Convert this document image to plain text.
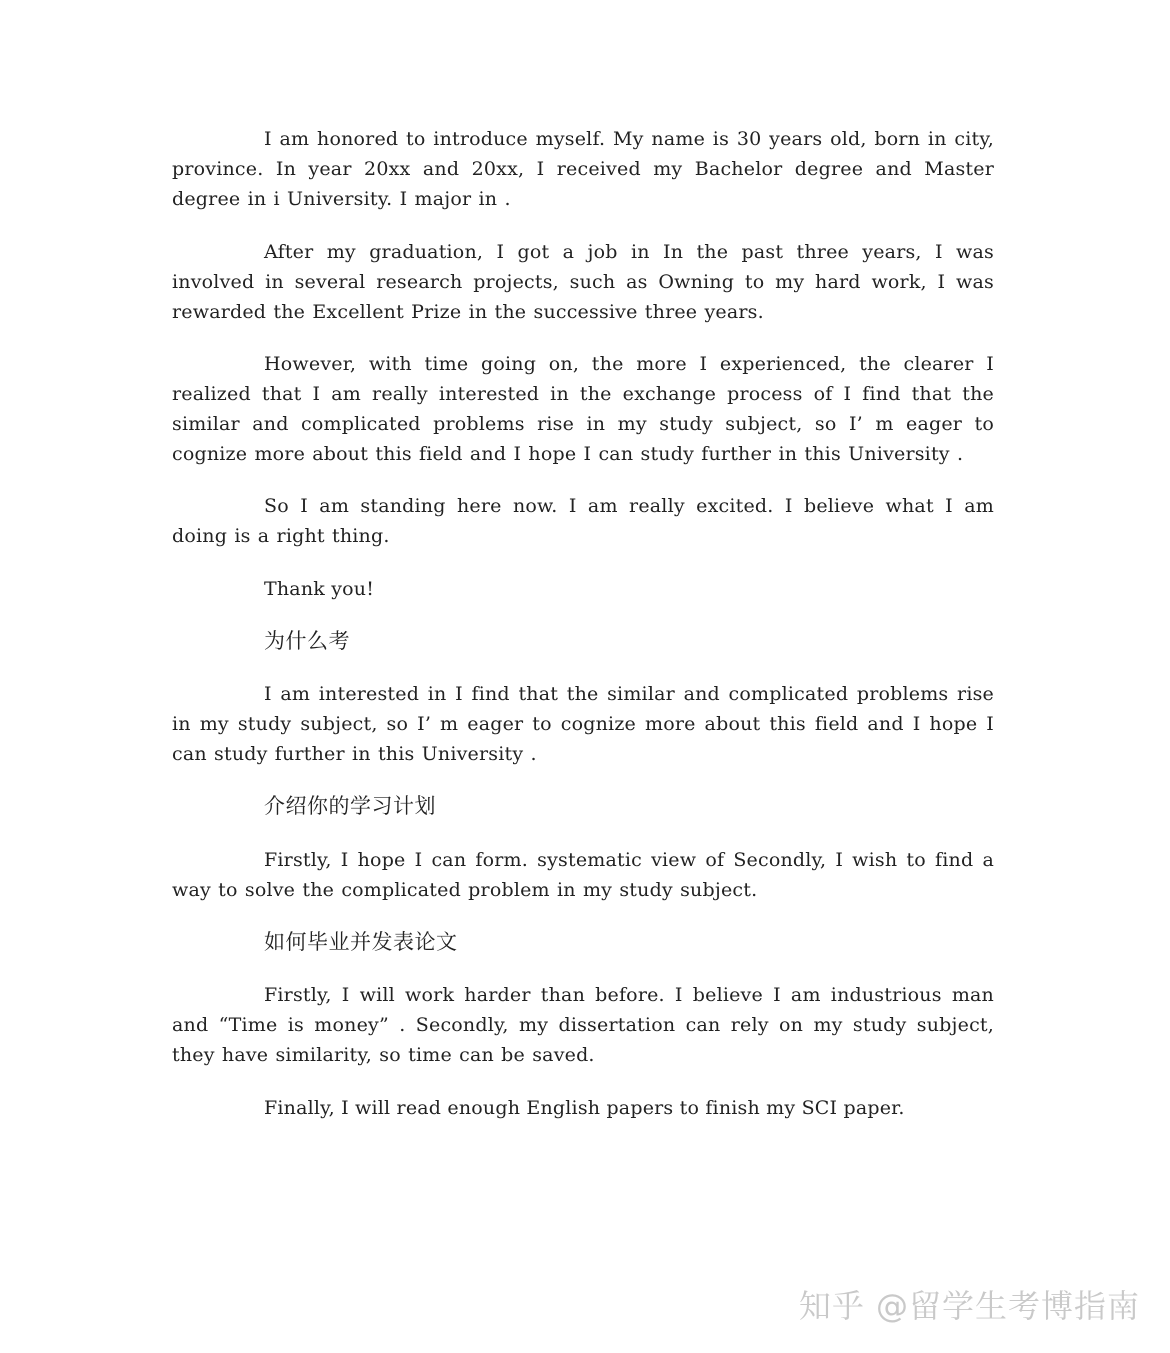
I am honored to introduce myself. My name is 30 years old, born in city, province. In year 20xx and 20xx, I received my Bachelor degree and Master degree in i University. I major in .

After my graduation, I got a job in In the past three years, I was involved in several research projects, such as Owning to my hard work, I was rewarded the Excellent Prize in the successive three years.

However, with time going on, the more I experienced, the clearer I realized that I am really interested in the exchange process of I find that the similar and complicated problems rise in my study subject, so I’ m eager to cognize more about this field and I hope I can study further in this University .

So I am standing here now. I am really excited. I believe what I am doing is a right thing.

Thank you!

为什么考

I am interested in I find that the similar and complicated problems rise in my study subject, so I’ m eager to cognize more about this field and I hope I can study further in this University .

介绍你的学习计划

Firstly, I hope I can form. systematic view of Secondly, I wish to find a way to solve the complicated problem in my study subject.

如何毕业并发表论文

Firstly, I will work harder than before. I believe I am industrious man and “Time is money” . Secondly, my dissertation can rely on my study subject, they have similarity, so time can be saved.

Finally, I will read enough English papers to finish my SCI paper.

知乎 @留学生考博指南
